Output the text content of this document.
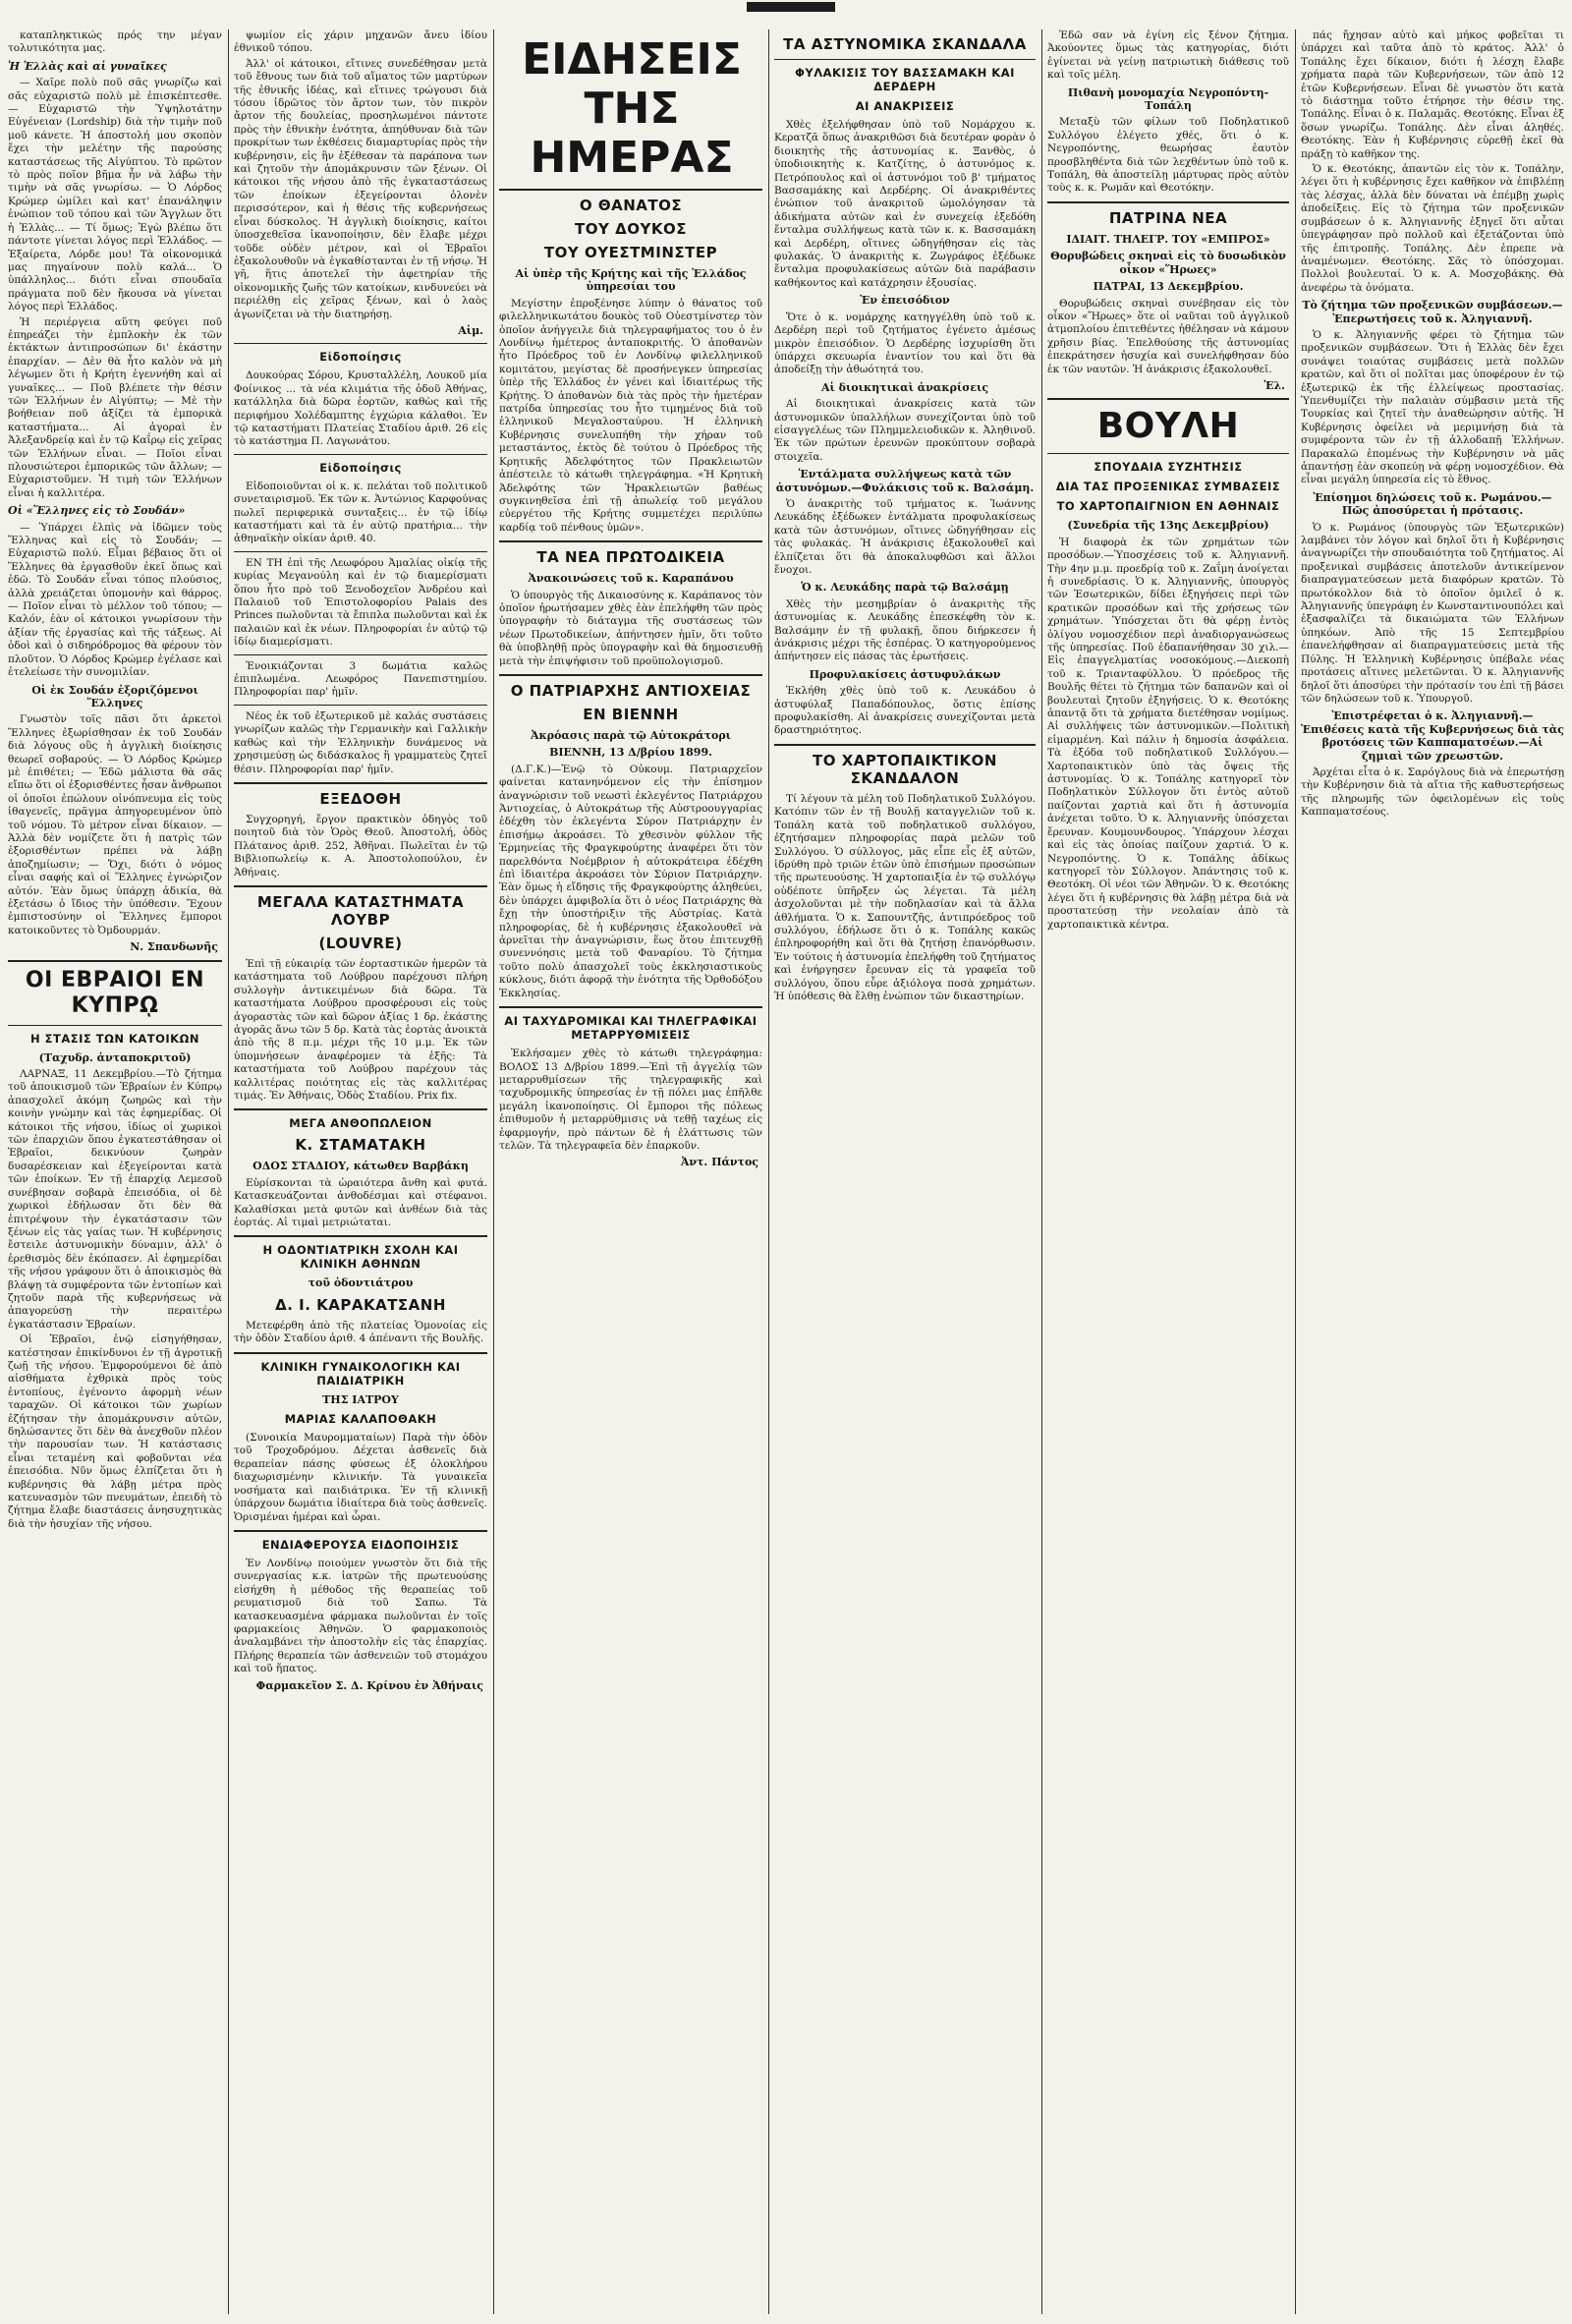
καταπληκτικώς πρός την μέγαν τολυτικότητα μας.

Ἡ Ἑλλὰς καὶ αἱ γυναῖκες

— Χαῖρε πολὺ ποῦ σᾶς γνωρίζω καὶ σᾶς εὐχαριστῶ πολὺ μὲ ἐπισκέπτεσθε. — Εὐχαριστῶ τὴν Ὑψηλοτάτην Εὐγένειαν (Lordship) διὰ τὴν τιμὴν ποῦ μοῦ κάνετε. Ἡ ἀποστολή μου σκοπὸν ἔχει τὴν μελέτην τῆς παρούσης καταστάσεως τῆς Αἰγύπτου. Τὸ πρῶτον τὸ πρὸς ποῖον βῆμα ἦν νὰ λάβω τὴν τιμὴν νὰ σᾶς γνωρίσω. — Ὁ Λόρδος Κρώμερ ὡμίλει καὶ κατ' ἐπανάληψιν ἐνώπιον τοῦ τόπου καὶ τῶν Ἄγγλων ὅτι ἡ Ἑλλὰς... — Τί ὅμως; Ἐγὼ βλέπω ὅτι πάντοτε γίνεται λόγος περὶ Ἑλλάδος. — Ἐξαίρετα, Λόρδε μου! Τὰ οἰκονομικά μας πηγαίνουν πολὺ καλά... Ὁ ὑπάλληλος... διότι εἶναι σπουδαῖα πράγματα ποῦ δὲν ἤκουσα νὰ γίνεται λόγος περὶ Ἑλλάδος.

Ἡ περιέργεια αὕτη φεύγει ποῦ ἐπηρεάζει τὴν ἐμπλοκὴν ἐκ τῶν ἐκτάκτων ἀντιπροσώπων δι' ἐκάστην ἐπαρχίαν. — Δὲν θὰ ἦτο καλὸν νὰ μὴ λέγωμεν ὅτι ἡ Κρήτη ἐγεννήθη καὶ αἱ γυναῖκες... — Ποῦ βλέπετε τὴν θέσιν τῶν Ἑλλήνων ἐν Αἰγύπτῳ; — Μὲ τὴν βοήθειαν ποῦ ἀξίζει τὰ ἐμπορικὰ καταστήματα... Αἱ ἀγοραὶ ἐν Ἀλεξανδρείᾳ καὶ ἐν τῷ Καΐρῳ εἰς χεῖρας τῶν Ἑλλήνων εἶναι. — Ποῖοι εἶναι πλουσιώτεροι ἐμπορικῶς τῶν ἄλλων; — Εὐχαριστοῦμεν. Ἡ τιμὴ τῶν Ἑλλήνων εἶναι ἡ καλλιτέρα.

Οἱ «Ἕλληνες εἰς τὸ Σουδάν»

— Ὑπάρχει ἐλπὶς νὰ ἰδῶμεν τοὺς Ἕλληνας καὶ εἰς τὸ Σουδάν; — Εὐχαριστῶ πολύ. Εἶμαι βέβαιος ὅτι οἱ Ἕλληνες θὰ ἐργασθοῦν ἐκεῖ ὅπως καὶ ἐδῶ. Τὸ Σουδάν εἶναι τόπος πλούσιος, ἀλλὰ χρειάζεται ὑπομονὴν καὶ θάρρος. — Ποῖον εἶναι τὸ μέλλον τοῦ τόπου; — Καλόν, ἐὰν οἱ κάτοικοι γνωρίσουν τὴν ἀξίαν τῆς ἐργασίας καὶ τῆς τάξεως. Αἱ ὁδοὶ καὶ ὁ σιδηρόδρομος θὰ φέρουν τὸν πλοῦτον. Ὁ Λόρδος Κρώμερ ἐγέλασε καὶ ἐτελείωσε τὴν συνομιλίαν.

Οἱ ἐκ Σουδάν ἐξοριζόμενοι Ἕλληνες

Γνωστὸν τοῖς πᾶσι ὅτι ἀρκετοὶ Ἕλληνες ἐξωρίσθησαν ἐκ τοῦ Σουδάν διὰ λόγους οὓς ἡ ἀγγλικὴ διοίκησις θεωρεῖ σοβαρούς. — Ὁ Λόρδος Κρώμερ μὲ ἐπιθέτει; — Ἐδῶ μάλιστα θὰ σᾶς εἴπω ὅτι οἱ ἐξορισθέντες ἦσαν ἄνθρωποι οἱ ὁποῖοι ἐπώλουν οἰνόπνευμα εἰς τοὺς ἰθαγενεῖς, πρᾶγμα ἀπηγορευμένον ὑπὸ τοῦ νόμου. Τὸ μέτρον εἶναι δίκαιον. — Ἀλλὰ δὲν νομίζετε ὅτι ἡ πατρὶς τῶν ἐξορισθέντων πρέπει νὰ λάβῃ ἀποζημίωσιν; — Ὄχι, διότι ὁ νόμος εἶναι σαφής καὶ οἱ Ἕλληνες ἐγνώριζον αὐτόν. Ἐὰν ὅμως ὑπάρχῃ ἀδικία, θὰ ἐξετάσω ὁ ἴδιος τὴν ὑπόθεσιν. Ἔχουν ἐμπιστοσύνην οἱ Ἕλληνες ἔμποροι κατοικοῦντες τὸ Ὀμδουρμάν.

Ν. Σπανδωνῆς
ΟΙ ΕΒΡΑΙΟΙ ΕΝ ΚΥΠΡῼ
Η ΣΤΑΣΙΣ ΤΩΝ ΚΑΤΟΙΚΩΝ
(Ταχυδρ. ἀνταποκριτοῦ)

ΛΑΡΝΑΞ, 11 Δεκεμβρίου.—Τὸ ζήτημα τοῦ ἀποικισμοῦ τῶν Ἑβραίων ἐν Κύπρῳ ἀπασχολεῖ ἀκόμη ζωηρῶς καὶ τὴν κοινὴν γνώμην καὶ τὰς ἐφημερίδας. Οἱ κάτοικοι τῆς νήσου, ἰδίως οἱ χωρικοὶ τῶν ἐπαρχιῶν ὅπου ἐγκατεστάθησαν οἱ Ἑβραῖοι, δεικνύουν ζωηρὰν δυσαρέσκειαν καὶ ἐξεγείρονται κατὰ τῶν ἐποίκων. Ἐν τῇ ἐπαρχίᾳ Λεμεσοῦ συνέβησαν σοβαρὰ ἐπεισόδια, οἱ δὲ χωρικοὶ ἐδήλωσαν ὅτι δὲν θὰ ἐπιτρέψουν τὴν ἐγκατάστασιν τῶν ξένων εἰς τὰς γαίας των. Ἡ κυβέρνησις ἔστειλε ἀστυνομικὴν δύναμιν, ἀλλ' ὁ ἐρεθισμὸς δὲν ἐκόπασεν. Αἱ ἐφημερίδαι τῆς νήσου γράφουν ὅτι ὁ ἀποικισμὸς θὰ βλάψῃ τὰ συμφέροντα τῶν ἐντοπίων καὶ ζητοῦν παρὰ τῆς κυβερνήσεως νὰ ἀπαγορεύσῃ τὴν περαιτέρω ἐγκατάστασιν Ἑβραίων.

Οἱ Ἑβραῖοι, ἐνῷ εἰσηγήθησαν, κατέστησαν ἐπικίνδυνοι ἐν τῇ ἀγροτικῇ ζωῇ τῆς νήσου. Ἐμφορούμενοι δὲ ἀπὸ αἰσθήματα ἐχθρικὰ πρὸς τοὺς ἐντοπίους, ἐγένοντο ἀφορμὴ νέων ταραχῶν. Οἱ κάτοικοι τῶν χωρίων ἐζήτησαν τὴν ἀπομάκρυνσιν αὐτῶν, δηλώσαντες ὅτι δὲν θὰ ἀνεχθοῦν πλέον τὴν παρουσίαν των. Ἡ κατάστασις εἶναι τεταμένη καὶ φοβοῦνται νέα ἐπεισόδια. Νῦν ὅμως ἐλπίζεται ὅτι ἡ κυβέρνησις θὰ λάβῃ μέτρα πρὸς κατευνασμὸν τῶν πνευμάτων, ἐπειδὴ τὸ ζήτημα ἔλαβε διαστάσεις ἀνησυχητικὰς διὰ τὴν ἡσυχίαν τῆς νήσου.

ψωμίον εἰς χάριν μηχανῶν ἄνευ ἰδίου ἐθνικοῦ τόπου.

Ἀλλ' οἱ κάτοικοι, εἴτινες συνεδέθησαν μετὰ τοῦ ἔθνους των διὰ τοῦ αἵματος τῶν μαρτύρων τῆς ἐθνικῆς ἰδέας, καὶ εἴτινες τρώγουσι διὰ τόσου ἱδρῶτος τὸν ἄρτον των, τὸν πικρὸν ἄρτον τῆς δουλείας, προσηλωμένοι πάντοτε πρὸς τὴν ἐθνικὴν ἑνότητα, ἀπηύθυναν διὰ τῶν προκρίτων των ἐκθέσεις διαμαρτυρίας πρὸς τὴν κυβέρνησιν, εἰς ἣν ἐξέθεσαν τὰ παράπονα των καὶ ζητοῦν τὴν ἀπομάκρυνσιν τῶν ξένων. Οἱ κάτοικοι τῆς νήσου ἀπὸ τῆς ἐγκαταστάσεως τῶν ἐποίκων ἐξεγείρονται ὁλονὲν περισσότερον, καὶ ἡ θέσις τῆς κυβερνήσεως εἶναι δύσκολος. Ἡ ἀγγλικὴ διοίκησις, καίτοι ὑποσχεθεῖσα ἱκανοποίησιν, δὲν ἔλαβε μέχρι τοῦδε οὐδὲν μέτρον, καὶ οἱ Ἑβραῖοι ἐξακολουθοῦν νὰ ἐγκαθίστανται ἐν τῇ νήσῳ. Ἡ γῆ, ἥτις ἀποτελεῖ τὴν ἀφετηρίαν τῆς οἰκονομικῆς ζωῆς τῶν κατοίκων, κινδυνεύει νὰ περιέλθῃ εἰς χεῖρας ξένων, καὶ ὁ λαὸς ἀγωνίζεται νὰ τὴν διατηρήσῃ.

Αἰμ.
Εἰδοποίησις

Δουκούρας Σόρου, Κρυσταλλέλη, Λουκοῦ μία Φοίνικος ... τὰ νέα κλιμάτια τῆς ὁδοῦ Ἀθήνας, κατάλληλα διὰ δῶρα ἑορτῶν, καθὼς καὶ τῆς περιφήμου Χολέδαμπτης ἐγχώρια κάλαθοι. Ἐν τῷ καταστήματι Πλατείας Σταδίου ἀριθ. 26 εἰς τὸ κατάστημα Π. Λαγωνάτου.

Εἰδοποίησις

Εἰδοποιοῦνται οἱ κ. κ. πελάται τοῦ πολιτικοῦ συνεταιρισμοῦ. Ἐκ τῶν κ. Ἀντώνιος Καρφούνας πωλεῖ περιφερικὰ συνταξεις... ἐν τῷ ἰδίῳ καταστήματι καὶ τὰ ἐν αὐτῷ πρατήρια... τὴν ἀθηναϊκὴν οἰκίαν ἀριθ. 40.

ΕΝ ΤΗ ἐπὶ τῆς Λεωφόρου Ἀμαλίας οἰκίᾳ τῆς κυρίας Μεγανούλη καὶ ἐν τῷ διαμερίσματι ὅπου ἦτο πρὸ τοῦ Ξενοδοχεῖον Ἀνδρέου καὶ Παλαιοῦ τοῦ Ἐπιστολοφορίου Palais des Princes πωλοῦνται τὰ ἔπιπλα πωλοῦνται καὶ ἐκ παλαιῶν καὶ ἐκ νέων. Πληροφορίαι ἐν αὐτῷ τῷ ἰδίῳ διαμερίσματι.

Ἐνοικιάζονται 3 δωμάτια καλῶς ἐπιπλωμένα. Λεωφόρος Πανεπιστημίου. Πληροφορίαι παρ' ἡμῖν.

Νέος ἐκ τοῦ ἐξωτερικοῦ μὲ καλάς συστάσεις γνωρίζων καλῶς τὴν Γερμανικὴν καὶ Γαλλικὴν καθὼς καὶ τὴν Ἑλληνικὴν δυνάμενος νὰ χρησιμεύσῃ ὡς διδάσκαλος ἢ γραμματεὺς ζητεῖ θέσιν. Πληροφορίαι παρ' ἡμῖν.

ΕΞΕΔΟΘΗ

Συγχορηγή, ἔργον πρακτικὸν ὁδηγὸς τοῦ ποιητοῦ διὰ τὸν Ὁρὸς Θεοῦ. Ἀποστολή, ὁδὸς Πλάτανος ἀριθ. 252, Ἀθῆναι. Πωλεῖται ἐν τῷ Βιβλιοπωλείῳ κ. Α. Ἀποστολοπούλου, ἐν Ἀθήναις.

ΜΕΓΑΛΑ ΚΑΤΑΣΤΗΜΑΤΑ ΛΟΥΒΡ
(LOUVRE)

Ἐπὶ τῇ εὐκαιρίᾳ τῶν ἐορταστικῶν ἡμερῶν τὰ κατάστηματα τοῦ Λούβρου παρέχουσι πλήρη συλλογὴν ἀντικειμένων διὰ δῶρα. Τὰ καταστήματα Λούβρου προσφέρουσι εἰς τοὺς ἀγοραστὰς τῶν καὶ δῶρον ἀξίας 1 δρ. ἑκάστης ἀγορᾶς ἄνω τῶν 5 δρ. Κατὰ τὰς ἑορτὰς ἀνοικτὰ ἀπὸ τῆς 8 π.μ. μέχρι τῆς 10 μ.μ. Ἐκ τῶν ὑπομνήσεων ἀναφέρομεν τὰ ἐξῆς: Τὰ καταστήματα τοῦ Λούβρου παρέχουν τὰς καλλιτέρας ποιότητας εἰς τὰς καλλιτέρας τιμάς. Ἐν Ἀθήναις, Ὁδὸς Σταδίου. Prix fix.

ΜΕΓΑ ΑΝΘΟΠΩΛΕΙΟΝ
Κ. ΣΤΑΜΑΤΑΚΗ
ΟΔΟΣ ΣΤΑΔΙΟΥ, κάτωθεν Βαρβάκη

Εὑρίσκονται τὰ ὡραιότερα ἄνθη καὶ φυτά. Κατασκευάζονται ἀνθοδέσμαι καὶ στέφανοι. Καλαθίσκαι μετὰ φυτῶν καὶ ἀνθέων διὰ τὰς ἑορτάς. Αἱ τιμαὶ μετριώταται.

Η ΟΔΟΝΤΙΑΤΡΙΚΗ ΣΧΟΛΗ ΚΑΙ ΚΛΙΝΙΚΗ ΑΘΗΝΩΝ
τοῦ ὀδοντιάτρου
Δ. Ι. ΚΑΡΑΚΑΤΣΑΝΗ

Μετεφέρθη ἀπὸ τῆς πλατείας Ὁμονοίας εἰς τὴν ὁδὸν Σταδίου ἀριθ. 4 ἀπέναντι τῆς Βουλῆς.

ΚΛΙΝΙΚΗ ΓΥΝΑΙΚΟΛΟΓΙΚΗ ΚΑΙ ΠΑΙΔΙΑΤΡΙΚΗ
ΤΗΣ ΙΑΤΡΟΥ
ΜΑΡΙΑΣ ΚΑΛΑΠΟΘΑΚΗ

(Συνοικία Μαυρομματαίων) Παρὰ τὴν ὁδὸν τοῦ Τροχοδρόμου. Δέχεται ἀσθενεῖς διὰ θεραπείαν πάσης φύσεως ἐξ ὀλοκλήρου διαχωρισμένην κλινικήν. Τὰ γυναικεῖα νοσήματα καὶ παιδιάτρικα. Ἐν τῇ κλινικῇ ὑπάρχουν δωμάτια ἰδιαίτερα διὰ τοὺς ἀσθενεῖς. Ὁρισμέναι ἡμέραι καὶ ὧραι.

ΕΝΔΙΑΦΕΡΟΥΣΑ ΕΙΔΟΠΟΙΗΣΙΣ

Ἐν Λονδίνῳ ποιούμεν γνωστὸν ὅτι διὰ τῆς συνεργασίας κ.κ. ἰατρῶν τῆς πρωτευούσης εἰσήχθη ἡ μέθοδος τῆς θεραπείας τοῦ ρευματισμοῦ διὰ τοῦ Σαπω. Τὰ κατασκευασμένα φάρμακα πωλοῦνται ἐν τοῖς φαρμακείοις Ἀθηνῶν. Ὁ φαρμακοποιὸς ἀναλαμβάνει τὴν ἀποστολὴν εἰς τὰς ἐπαρχίας. Πλήρης θεραπεία τῶν ἀσθενειῶν τοῦ στομάχου καὶ τοῦ ἥπατος.

Φαρμακεῖον Σ. Δ. Κρίνου ἐν Ἀθήναις
ΕΙΔΗΣΕΙΣ ΤΗΣ ΗΜΕΡΑΣ
Ο ΘΑΝΑΤΟΣ
ΤΟΥ ΔΟΥΚΟΣ
ΤΟΥ ΟΥΕΣΤΜΙΝΣΤΕΡ
Αἱ ὑπὲρ τῆς Κρήτης καὶ τῆς Ἑλλάδος ὑπηρεσίαι του

Μεγίστην ἐπροξένησε λύπην ὁ θάνατος τοῦ φιλελληνικωτάτου δουκὸς τοῦ Οὐεστμίνστερ τὸν ὁποῖον ἀνήγγειλε διὰ τηλεγραφήματος του ὁ ἐν Λονδίνῳ ἡμέτερος ἀνταποκριτής. Ὁ ἀποθανὼν ἦτο Πρόεδρος τοῦ ἐν Λονδίνῳ φιλελληνικοῦ κομιτάτου, μεγίστας δὲ προσήνεγκεν ὑπηρεσίας ὑπὲρ τῆς Ἑλλάδος ἐν γένει καὶ ἰδιαιτέρως τῆς Κρήτης. Ὁ ἀποθανὼν διὰ τὰς πρὸς τὴν ἡμετέραν πατρίδα ὑπηρεσίας του ἦτο τιμημένος διὰ τοῦ ἑλληνικοῦ Μεγαλοσταύρου. Ἡ ἑλληνικὴ Κυβέρνησις συνελυπήθη τὴν χήραν τοῦ μεταστάντος, ἐκτὸς δὲ τούτου ὁ Πρόεδρος τῆς Κρητικῆς Ἀδελφότητος τῶν Πρακλειωτῶν ἀπέστειλε τὸ κάτωθι τηλεγράφημα. «Ἡ Κρητικὴ Ἀδελφότης τῶν Ἡρακλειωτῶν βαθέως συγκινηθεῖσα ἐπὶ τῇ ἀπωλείᾳ τοῦ μεγάλου εὐεργέτου τῆς Κρήτης συμμετέχει περιλύπω καρδίᾳ τοῦ πένθους ὑμῶν».

ΤΑ ΝΕΑ ΠΡΩΤΟΔΙΚΕΙΑ
Ἀνακοινώσεις τοῦ κ. Καραπάνου

Ὁ ὑπουργὸς τῆς Δικαιοσύνης κ. Καράπανος τὸν ὁποῖον ἠρωτήσαμεν χθὲς ἐὰν ἐπελήφθη τῶν πρὸς ὑπογραφὴν τὸ διάταγμα τῆς συστάσεως τῶν νέων Πρωτοδικείων, ἀπήντησεν ἡμῖν, ὅτι τοῦτο θὰ ὑποβληθῇ πρὸς ὑπογραφὴν καὶ θὰ δημοσιευθῇ μετὰ τὴν ἐπιψήφισιν τοῦ προϋπολογισμοῦ.

Ο ΠΑΤΡΙΑΡΧΗΣ ΑΝΤΙΟΧΕΙΑΣ
ΕΝ ΒΙΕΝΝΗ
Ἀκρόασις παρὰ τῷ Αὐτοκράτορι
ΒΙΕΝΝΗ, 13 Δ/βρίου 1899.

(Δ.Γ.Κ.)—Ἐνῷ τὸ Οὐκουμ. Πατριαρχεῖον φαίνεται κατανηνόμενον εἰς τὴν ἐπίσημον ἀναγνώρισιν τοῦ νεωστὶ ἐκλεγέντος Πατριάρχου Ἀντιοχείας, ὁ Αὐτοκράτωρ τῆς Αὐστροουγγαρίας ἐδέχθη τὸν ἐκλεγέντα Σύρον Πατριάρχην ἐν ἐπισήμῳ ἀκροάσει. Τὸ χθεσινὸν φύλλον τῆς Ἑρμηνείας τῆς Φραγκφούρτης ἀναφέρει ὅτι τὸν παρελθόντα Νοέμβριον ἡ αὐτοκράτειρα ἐδέχθη ἐπὶ ἰδιαιτέρα ἀκροάσει τὸν Σύριον Πατριάρχην. Ἐὰν ὅμως ἡ εἴδησις τῆς Φραγκφούρτης ἀληθεύει, δὲν ὑπάρχει ἀμφιβολία ὅτι ὁ νέος Πατριάρχης θὰ ἔχῃ τὴν ὑποστήριξιν τῆς Αὐστρίας. Κατὰ πληροφορίας, δὲ ἡ κυβέρνησις ἐξακολουθεῖ νὰ ἀρνεῖται τὴν ἀναγνώρισιν, ἕως ὅτου ἐπιτευχθῇ συνεννόησις μετὰ τοῦ Φαναρίου. Τὸ ζήτημα τοῦτο πολὺ ἀπασχολεῖ τοὺς ἐκκλησιαστικοὺς κύκλους, διότι ἀφορᾷ τὴν ἑνότητα τῆς Ὀρθοδόξου Ἐκκλησίας.

ΑΙ ΤΑΧΥΔΡΟΜΙΚΑΙ ΚΑΙ ΤΗΛΕΓΡΑΦΙΚΑΙ ΜΕΤΑΡΡΥΘΜΙΣΕΙΣ

Ἐκλήσαμεν χθὲς τὸ κάτωθι τηλεγράφημα: ΒΟΛΟΣ 13 Δ/βρίου 1899.—Ἐπὶ τῇ ἀγγελίᾳ τῶν μεταρρυθμίσεων τῆς τηλεγραφικῆς καὶ ταχυδρομικῆς ὑπηρεσίας ἐν τῇ πόλει μας ἐπῆλθε μεγάλη ἱκανοποίησις. Οἱ ἔμποροι τῆς πόλεως ἐπιθυμοῦν ἡ μεταρρύθμισις νὰ τεθῇ ταχέως εἰς ἐφαρμογήν, πρὸ πάντων δὲ ἡ ἐλάττωσις τῶν τελῶν. Τὰ τηλεγραφεῖα δὲν ἐπαρκοῦν.

Ἀντ. Πάντος
ΤΑ ΑΣΤΥΝΟΜΙΚΑ ΣΚΑΝΔΑΛΑ
ΦΥΛΑΚΙΣΙΣ ΤΟΥ ΒΑΣΣΑΜΑΚΗ ΚΑΙ ΔΕΡΔΕΡΗ
ΑΙ ΑΝΑΚΡΙΣΕΙΣ

Χθὲς ἐξελήφθησαν ὑπὸ τοῦ Νομάρχου κ. Κερατζᾶ ὅπως ἀνακριθῶσι διὰ δευτέραν φορὰν ὁ διοικητὴς τῆς ἀστυνομίας κ. Ξανθὸς, ὁ ὑποδιοικητὴς κ. Κατζίτης, ὁ ἀστυνόμος κ. Πετρόπουλος καὶ οἱ ἀστυνόμοι τοῦ β' τμήματος Βασσαμάκης καὶ Δερδέρης. Οἱ ἀνακριθέντες ἐνώπιον τοῦ ἀνακριτοῦ ὡμολόγησαν τὰ ἀδικήματα αὐτῶν καὶ ἐν συνεχείᾳ ἐξεδόθη ἔνταλμα συλλήψεως κατὰ τῶν κ. κ. Βασσαμάκη καὶ Δερδέρη, οἵτινες ὠδηγήθησαν εἰς τὰς φυλακάς. Ὁ ἀνακριτὴς κ. Ζωγράφος ἐξέδωκε ἔνταλμα προφυλακίσεως αὐτῶν διὰ παράβασιν καθήκοντος καὶ κατάχρησιν ἐξουσίας.

Ἐν ἐπεισόδιον

Ὅτε ὁ κ. νομάρχης κατηγγέλθη ὑπὸ τοῦ κ. Δερδέρη περὶ τοῦ ζητήματος ἐγένετο ἀμέσως μικρὸν ἐπεισόδιον. Ὁ Δερδέρης ἰσχυρίσθη ὅτι ὑπάρχει σκευωρία ἐναντίον του καὶ ὅτι θὰ ἀποδείξῃ τὴν ἀθωότητά του.

Αἱ διοικητικαὶ ἀνακρίσεις

Αἱ διοικητικαὶ ἀνακρίσεις κατὰ τῶν ἀστυνομικῶν ὑπαλλήλων συνεχίζονται ὑπὸ τοῦ εἰσαγγελέως τῶν Πλημμελειοδικῶν κ. Ἀληθινοῦ. Ἐκ τῶν πρώτων ἐρευνῶν προκύπτουν σοβαρὰ στοιχεῖα.

Ἐντάλματα συλλήψεως κατὰ τῶν ἀστυνόμων.—Φυλάκισις τοῦ κ. Βαλσάμη.

Ὁ ἀνακριτὴς τοῦ τμήματος κ. Ἰωάννης Λευκάδης ἐξέδωκεν ἐντάλματα προφυλακίσεως κατὰ τῶν ἀστυνόμων, οἵτινες ὠδηγήθησαν εἰς τὰς φυλακάς. Ἡ ἀνάκρισις ἐξακολουθεῖ καὶ ἐλπίζεται ὅτι θὰ ἀποκαλυφθῶσι καὶ ἄλλοι ἔνοχοι.

Ὁ κ. Λευκάδης παρὰ τῷ Βαλσάμῃ

Χθὲς τὴν μεσημβρίαν ὁ ἀνακριτὴς τῆς ἀστυνομίας κ. Λευκάδης ἐπεσκέφθη τὸν κ. Βαλσάμην ἐν τῇ φυλακῇ, ὅπου διήρκεσεν ἡ ἀνάκρισις μέχρι τῆς ἑσπέρας. Ὁ κατηγορούμενος ἀπήντησεν εἰς πάσας τὰς ἐρωτήσεις.

Προφυλακίσεις ἀστυφυλάκων

Ἐκλήθη χθὲς ὑπὸ τοῦ κ. Λευκάδου ὁ ἀστυφύλαξ Παπαδόπουλος, ὅστις ἐπίσης προφυλακίσθη. Αἱ ἀνακρίσεις συνεχίζονται μετὰ δραστηριότητος.

ΤΟ ΧΑΡΤΟΠΑΙΚΤΙΚΟΝ ΣΚΑΝΔΑΛΟΝ

Τί λέγουν τὰ μέλη τοῦ Ποδηλατικοῦ Συλλόγου. Κατόπιν τῶν ἐν τῇ Βουλῇ καταγγελιῶν τοῦ κ. Τοπάλη κατὰ τοῦ ποδηλατικοῦ συλλόγου, ἐζητήσαμεν πληροφορίας παρὰ μελῶν τοῦ Συλλόγου. Ὁ σύλλογος, μᾶς εἶπε εἷς ἐξ αὐτῶν, ἱδρύθη πρὸ τριῶν ἐτῶν ὑπὸ ἐπισήμων προσώπων τῆς πρωτευούσης. Ἡ χαρτοπαιξία ἐν τῷ συλλόγῳ οὐδέποτε ὑπῆρξεν ὡς λέγεται. Τὰ μέλη ἀσχολοῦνται μὲ τὴν ποδηλασίαν καὶ τὰ ἄλλα ἀθλήματα. Ὁ κ. Σαπουντζῆς, ἀντιπρόεδρος τοῦ συλλόγου, ἐδήλωσε ὅτι ὁ κ. Τοπάλης κακῶς ἐπληροφορήθη καὶ ὅτι θὰ ζητήσῃ ἐπανόρθωσιν. Ἐν τούτοις ἡ ἀστυνομία ἐπελήφθη τοῦ ζητήματος καὶ ἐνήργησεν ἔρευναν εἰς τὰ γραφεῖα τοῦ συλλόγου, ὅπου εὗρε ἀξιόλογα ποσὰ χρημάτων. Ἡ ὑπόθεσις θὰ ἔλθῃ ἐνώπιον τῶν δικαστηρίων.

Ἐδῶ σαν νὰ ἐγίνη εἰς ξένον ζήτημα. Ἀκούοντες ὅμως τὰς κατηγορίας, διότι ἐγίνεται νὰ γείνῃ πατριωτικὴ διάθεσις τοῦ καὶ τοῖς μέλη.

Πιθανὴ μονομαχία Νεγροπόντη-Τοπάλη

Μεταξὺ τῶν φίλων τοῦ Ποδηλατικοῦ Συλλόγου ἐλέγετο χθές, ὅτι ὁ κ. Νεγροπόντης, θεωρήσας ἑαυτὸν προσβληθέντα διὰ τῶν λεχθέντων ὑπὸ τοῦ κ. Τοπάλη, θὰ ἀποστείλῃ μάρτυρας πρὸς αὐτὸν τοὺς κ. κ. Ρωμᾶν καὶ Θεοτόκην.

ΠΑΤΡΙΝΑ ΝΕΑ
ΙΔΙΑΙΤ. ΤΗΛΕΓΡ. ΤΟΥ «ΕΜΠΡΟΣ»
Θορυβώδεις σκηναὶ εἰς τὸ δυσωδικὸν οἶκον «Ἥρωες»
ΠΑΤΡΑΙ, 13 Δεκεμβρίου.

Θορυβώδεις σκηναὶ συνέβησαν εἰς τὸν οἶκον «Ἥρωες» ὅτε οἱ ναῦται τοῦ ἀγγλικοῦ ἀτμοπλοίου ἐπιτεθέντες ἠθέλησαν νὰ κάμουν χρῆσιν βίας. Ἐπελθούσης τῆς ἀστυνομίας ἐπεκράτησεν ἡσυχία καὶ συνελήφθησαν δύο ἐκ τῶν ναυτῶν. Ἡ ἀνάκρισις ἐξακολουθεῖ.

Ἐλ.
ΒΟΥΛΗ
ΣΠΟΥΔΑΙΑ ΣΥΖΗΤΗΣΙΣ
ΔΙΑ ΤΑΣ ΠΡΟΞΕΝΙΚΑΣ ΣΥΜΒΑΣΕΙΣ
ΤΟ ΧΑΡΤΟΠΑΙΓΝΙΟΝ ΕΝ ΑΘΗΝΑΙΣ
(Συνεδρία τῆς 13ης Δεκεμβρίου)

Ἡ διαφορὰ ἐκ τῶν χρημάτων τῶν προσόδων.—Ὑποσχέσεις τοῦ κ. Ἀληγιαννῆ. Τὴν 4ην μ.μ. προεδρίᾳ τοῦ κ. Ζαΐμη ἀνοίγεται ἡ συνεδρίασις. Ὁ κ. Ἀληγιαννῆς, ὑπουργὸς τῶν Ἐσωτερικῶν, δίδει ἐξηγήσεις περὶ τῶν κρατικῶν προσόδων καὶ τῆς χρήσεως τῶν χρημάτων. Ὑπόσχεται ὅτι θὰ φέρῃ ἐντὸς ὀλίγου νομοσχέδιον περὶ ἀναδιοργανώσεως τῆς ὑπηρεσίας. Ποῦ ἐδαπανήθησαν 30 χιλ.—Εἰς ἐπαγγελματίας νοσοκόμους.—Διεκοπὴ τοῦ κ. Τριανταφύλλου. Ὁ πρόεδρος τῆς Βουλῆς θέτει τὸ ζήτημα τῶν δαπανῶν καὶ οἱ βουλευταὶ ζητοῦν ἐξηγήσεις. Ὁ κ. Θεοτόκης ἀπαντᾷ ὅτι τὰ χρήματα διετέθησαν νομίμως. Αἱ συλλήψεις τῶν ἀστυνομικῶν.—Πολιτικὴ εἰμαρμένη. Καὶ πάλιν ἡ δημοσία ἀσφάλεια. Τὰ ἐξόδα τοῦ ποδηλατικοῦ Συλλόγου.—Χαρτοπαικτικὸν ὑπὸ τὰς ὄψεις τῆς ἀστυνομίας. Ὁ κ. Τοπάλης κατηγορεῖ τὸν Ποδηλατικὸν Σύλλογον ὅτι ἐντὸς αὐτοῦ παίζονται χαρτιὰ καὶ ὅτι ἡ ἀστυνομία ἀνέχεται τοῦτο. Ὁ κ. Ἀληγιαννῆς ὑπόσχεται ἔρευναν. Κουμουνδουρος. Ὑπάρχουν λέσχαι καὶ εἰς τὰς ὁποίας παίζουν χαρτιά. Ὁ κ. Νεγροπόντης. Ὁ κ. Τοπάλης ἀδίκως κατηγορεῖ τὸν Σύλλογον. Ἀπάντησις τοῦ κ. Θεοτόκη. Οἱ νέοι τῶν Ἀθηνῶν. Ὁ κ. Θεοτόκης λέγει ὅτι ἡ κυβέρνησις θὰ λάβῃ μέτρα διὰ νὰ προστατεύσῃ τὴν νεολαίαν ἀπὸ τὰ χαρτοπαικτικὰ κέντρα.

πάς ἤχησαν αὐτὸ καὶ μήκος φοβεῖται τι ὑπάρχει καὶ ταῦτα ἀπὸ τὸ κράτος. Ἀλλ' ὁ Τοπάλης ἔχει δίκαιον, διότι ἡ λέσχη ἔλαβε χρήματα παρὰ τῶν Κυβερνήσεων, τῶν ἀπὸ 12 ἐτῶν Κυβερνήσεων. Εἶναι δὲ γνωστὸν ὅτι κατὰ τὸ διάστημα τοῦτο ἐτήρησε τὴν θέσιν της. Τοπάλης. Εἶναι ὁ κ. Παλαμᾶς. Θεοτόκης. Εἶναι ἐξ ὅσων γνωρίζω. Τοπάλης. Δὲν εἶναι ἀληθές. Θεοτόκης. Ἐὰν ἡ Κυβέρνησις εὑρεθῇ ἐκεῖ θὰ πράξῃ τὸ καθῆκον της.

Ὁ κ. Θεοτόκης, ἀπαντῶν εἰς τὸν κ. Τοπάλην, λέγει ὅτι ἡ κυβέρνησις ἔχει καθῆκον νὰ ἐπιβλέπῃ τὰς λέσχας, ἀλλὰ δὲν δύναται νὰ ἐπέμβῃ χωρὶς ἀποδείξεις. Εἰς τὸ ζήτημα τῶν προξενικῶν συμβάσεων ὁ κ. Ἀληγιαννῆς ἐξηγεῖ ὅτι αὗται ὑπεγράφησαν πρὸ πολλοῦ καὶ ἐξετάζονται ὑπὸ τῆς ἐπιτροπῆς. Τοπάλης. Δὲν ἐπρεπε νὰ ἀναμένωμεν. Θεοτόκης. Σᾶς τὸ ὑπόσχομαι. Πολλοὶ βουλευταί. Ὁ κ. Α. Μοσχοβάκης. Θὰ ἀνεφέρω τὰ ὀνόματα.

Τὸ ζήτημα τῶν προξενικῶν συμβάσεων.—Ἐπερωτήσεις τοῦ κ. Ἀληγιαννῆ.

Ὁ κ. Ἀληγιαννῆς φέρει τὸ ζήτημα τῶν προξενικῶν συμβάσεων. Ὅτι ἡ Ἑλλὰς δὲν ἔχει συνάψει τοιαύτας συμβάσεις μετὰ πολλῶν κρατῶν, καὶ ὅτι οἱ πολῖται μας ὑποφέρουν ἐν τῷ ἐξωτερικῷ ἐκ τῆς ἐλλείψεως προστασίας. Ὑπενθυμίζει τὴν παλαιὰν σύμβασιν μετὰ τῆς Τουρκίας καὶ ζητεῖ τὴν ἀναθεώρησιν αὐτῆς. Ἡ Κυβέρνησις ὀφείλει νὰ μεριμνήσῃ διὰ τὰ συμφέροντα τῶν ἐν τῇ ἀλλοδαπῇ Ἑλλήνων. Παρακαλῶ ἑπομένως τὴν Κυβέρνησιν νὰ μᾶς ἀπαντήσῃ ἐὰν σκοπεύῃ νὰ φέρῃ νομοσχέδιον. Θὰ εἶναι μεγάλη ὑπηρεσία εἰς τὸ ἔθνος.

Ἐπίσημοι δηλώσεις τοῦ κ. Ρωμάνου.—Πῶς ἀποσύρεται ἡ πρότασις.

Ὁ κ. Ρωμάνος (ὑπουργὸς τῶν Ἐξωτερικῶν) λαμβάνει τὸν λόγον καὶ δηλοῖ ὅτι ἡ Κυβέρνησις ἀναγνωρίζει τὴν σπουδαιότητα τοῦ ζητήματος. Αἱ προξενικαὶ συμβάσεις ἀποτελοῦν ἀντικείμενον διαπραγματεύσεων μετὰ διαφόρων κρατῶν. Τὸ πρωτόκολλον διὰ τὸ ὁποῖον ὁμιλεῖ ὁ κ. Ἀληγιαννῆς ὑπεγράφη ἐν Κωνσταντινουπόλει καὶ ἐξασφαλίζει τὰ δικαιώματα τῶν Ἑλλήνων ὑπηκόων. Ἀπὸ τῆς 15 Σεπτεμβρίου ἐπανελήφθησαν αἱ διαπραγματεύσεις μετὰ τῆς Πύλης. Ἡ Ἑλληνικὴ Κυβέρνησις ὑπέβαλε νέας προτάσεις αἵτινες μελετῶνται. Ὁ κ. Ἀληγιαννῆς δηλοῖ ὅτι ἀποσύρει τὴν πρότασίν του ἐπὶ τῇ βάσει τῶν δηλώσεων τοῦ κ. Ὑπουργοῦ.

Ἐπιστρέφεται ὁ κ. Ἀληγιαννῆ.—Ἐπιθέσεις κατὰ τῆς Κυβερνήσεως διὰ τὰς βροτόσεις τῶν Καππαματσέων.—Αἱ ζημιαὶ τῶν χρεωστῶν.

Ἀρχέται εἶτα ὁ κ. Σαρόγλους διὰ νὰ ἐπερωτήσῃ τὴν Κυβέρνησιν διὰ τὰ αἴτια τῆς καθυστερήσεως τῆς πληρωμῆς τῶν ὀφειλομένων εἰς τοὺς Καππαματσέους.
